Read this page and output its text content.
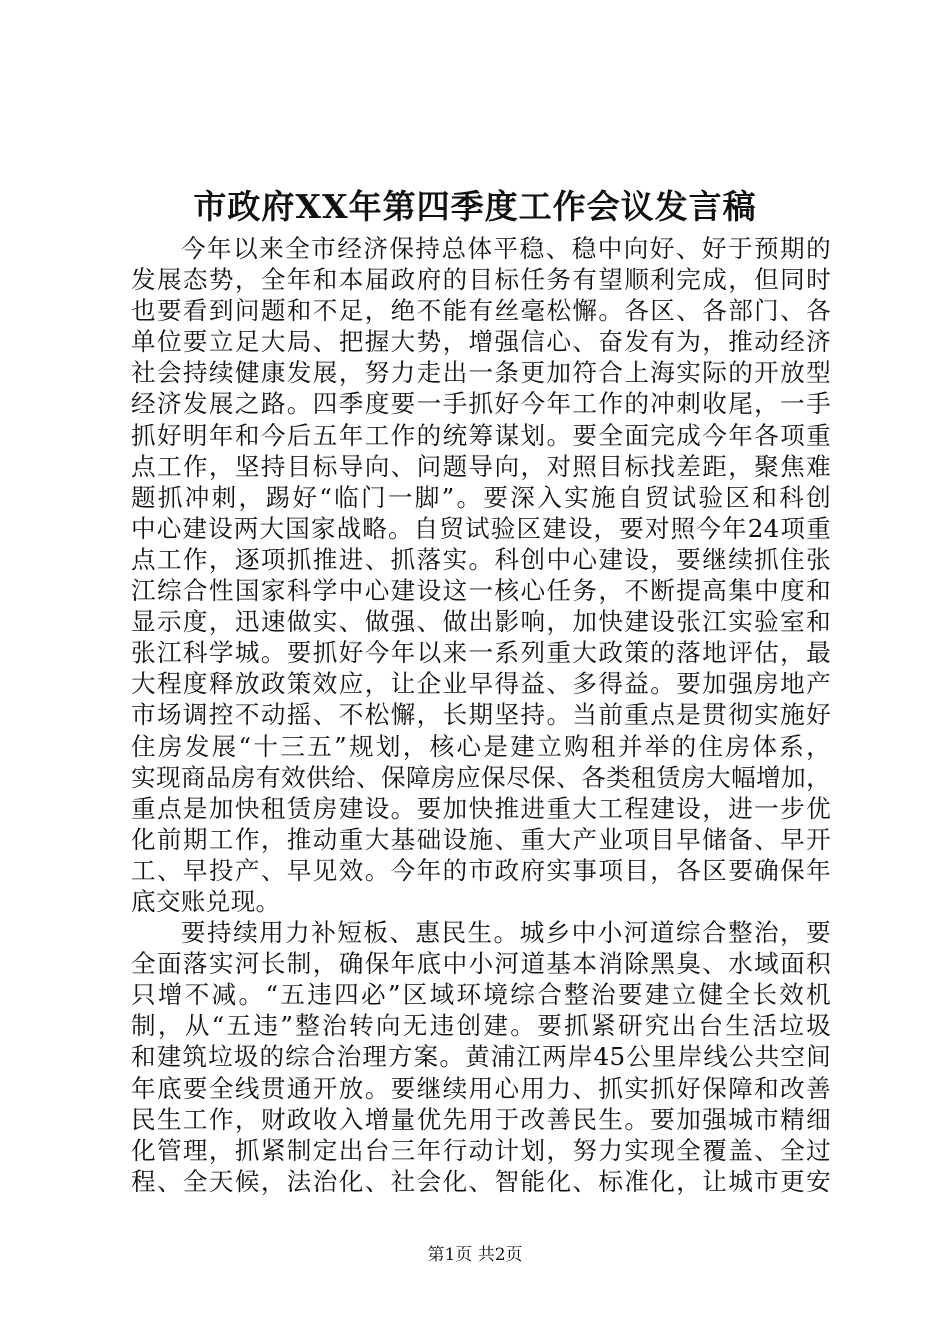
市政府XX年第四季度工作会议发言稿
今年以来全市经济保持总体平稳、稳中向好、好于预期的
发展态势，全年和本届政府的目标任务有望顺利完成，但同时
也要看到问题和不足，绝不能有丝毫松懈。各区、各部门、各
单位要立足大局、把握大势，增强信心、奋发有为，推动经济
社会持续健康发展，努力走出一条更加符合上海实际的开放型
经济发展之路。四季度要一手抓好今年工作的冲刺收尾，一手
抓好明年和今后五年工作的统筹谋划。要全面完成今年各项重
点工作，坚持目标导向、问题导向，对照目标找差距，聚焦难
题抓冲刺，踢好“临门一脚”。要深入实施自贸试验区和科创
中心建设两大国家战略。自贸试验区建设，要对照今年24项重
点工作，逐项抓推进、抓落实。科创中心建设，要继续抓住张
江综合性国家科学中心建设这一核心任务，不断提高集中度和
显示度，迅速做实、做强、做出影响，加快建设张江实验室和
张江科学城。要抓好今年以来一系列重大政策的落地评估，最
大程度释放政策效应，让企业早得益、多得益。要加强房地产
市场调控不动摇、不松懈，长期坚持。当前重点是贯彻实施好
住房发展“十三五”规划，核心是建立购租并举的住房体系，
实现商品房有效供给、保障房应保尽保、各类租赁房大幅增加，
重点是加快租赁房建设。要加快推进重大工程建设，进一步优
化前期工作，推动重大基础设施、重大产业项目早储备、早开
工、早投产、早见效。今年的市政府实事项目，各区要确保年
底交账兑现。
要持续用力补短板、惠民生。城乡中小河道综合整治，要
全面落实河长制，确保年底中小河道基本消除黑臭、水域面积
只增不减。“五违四必”区域环境综合整治要建立健全长效机
制，从“五违”整治转向无违创建。要抓紧研究出台生活垃圾
和建筑垃圾的综合治理方案。黄浦江两岸45公里岸线公共空间
年底要全线贯通开放。要继续用心用力、抓实抓好保障和改善
民生工作，财政收入增量优先用于改善民生。要加强城市精细
化管理，抓紧制定出台三年行动计划，努力实现全覆盖、全过
程、全天候，法治化、社会化、智能化、标准化，让城市更安
第1页 共2页
